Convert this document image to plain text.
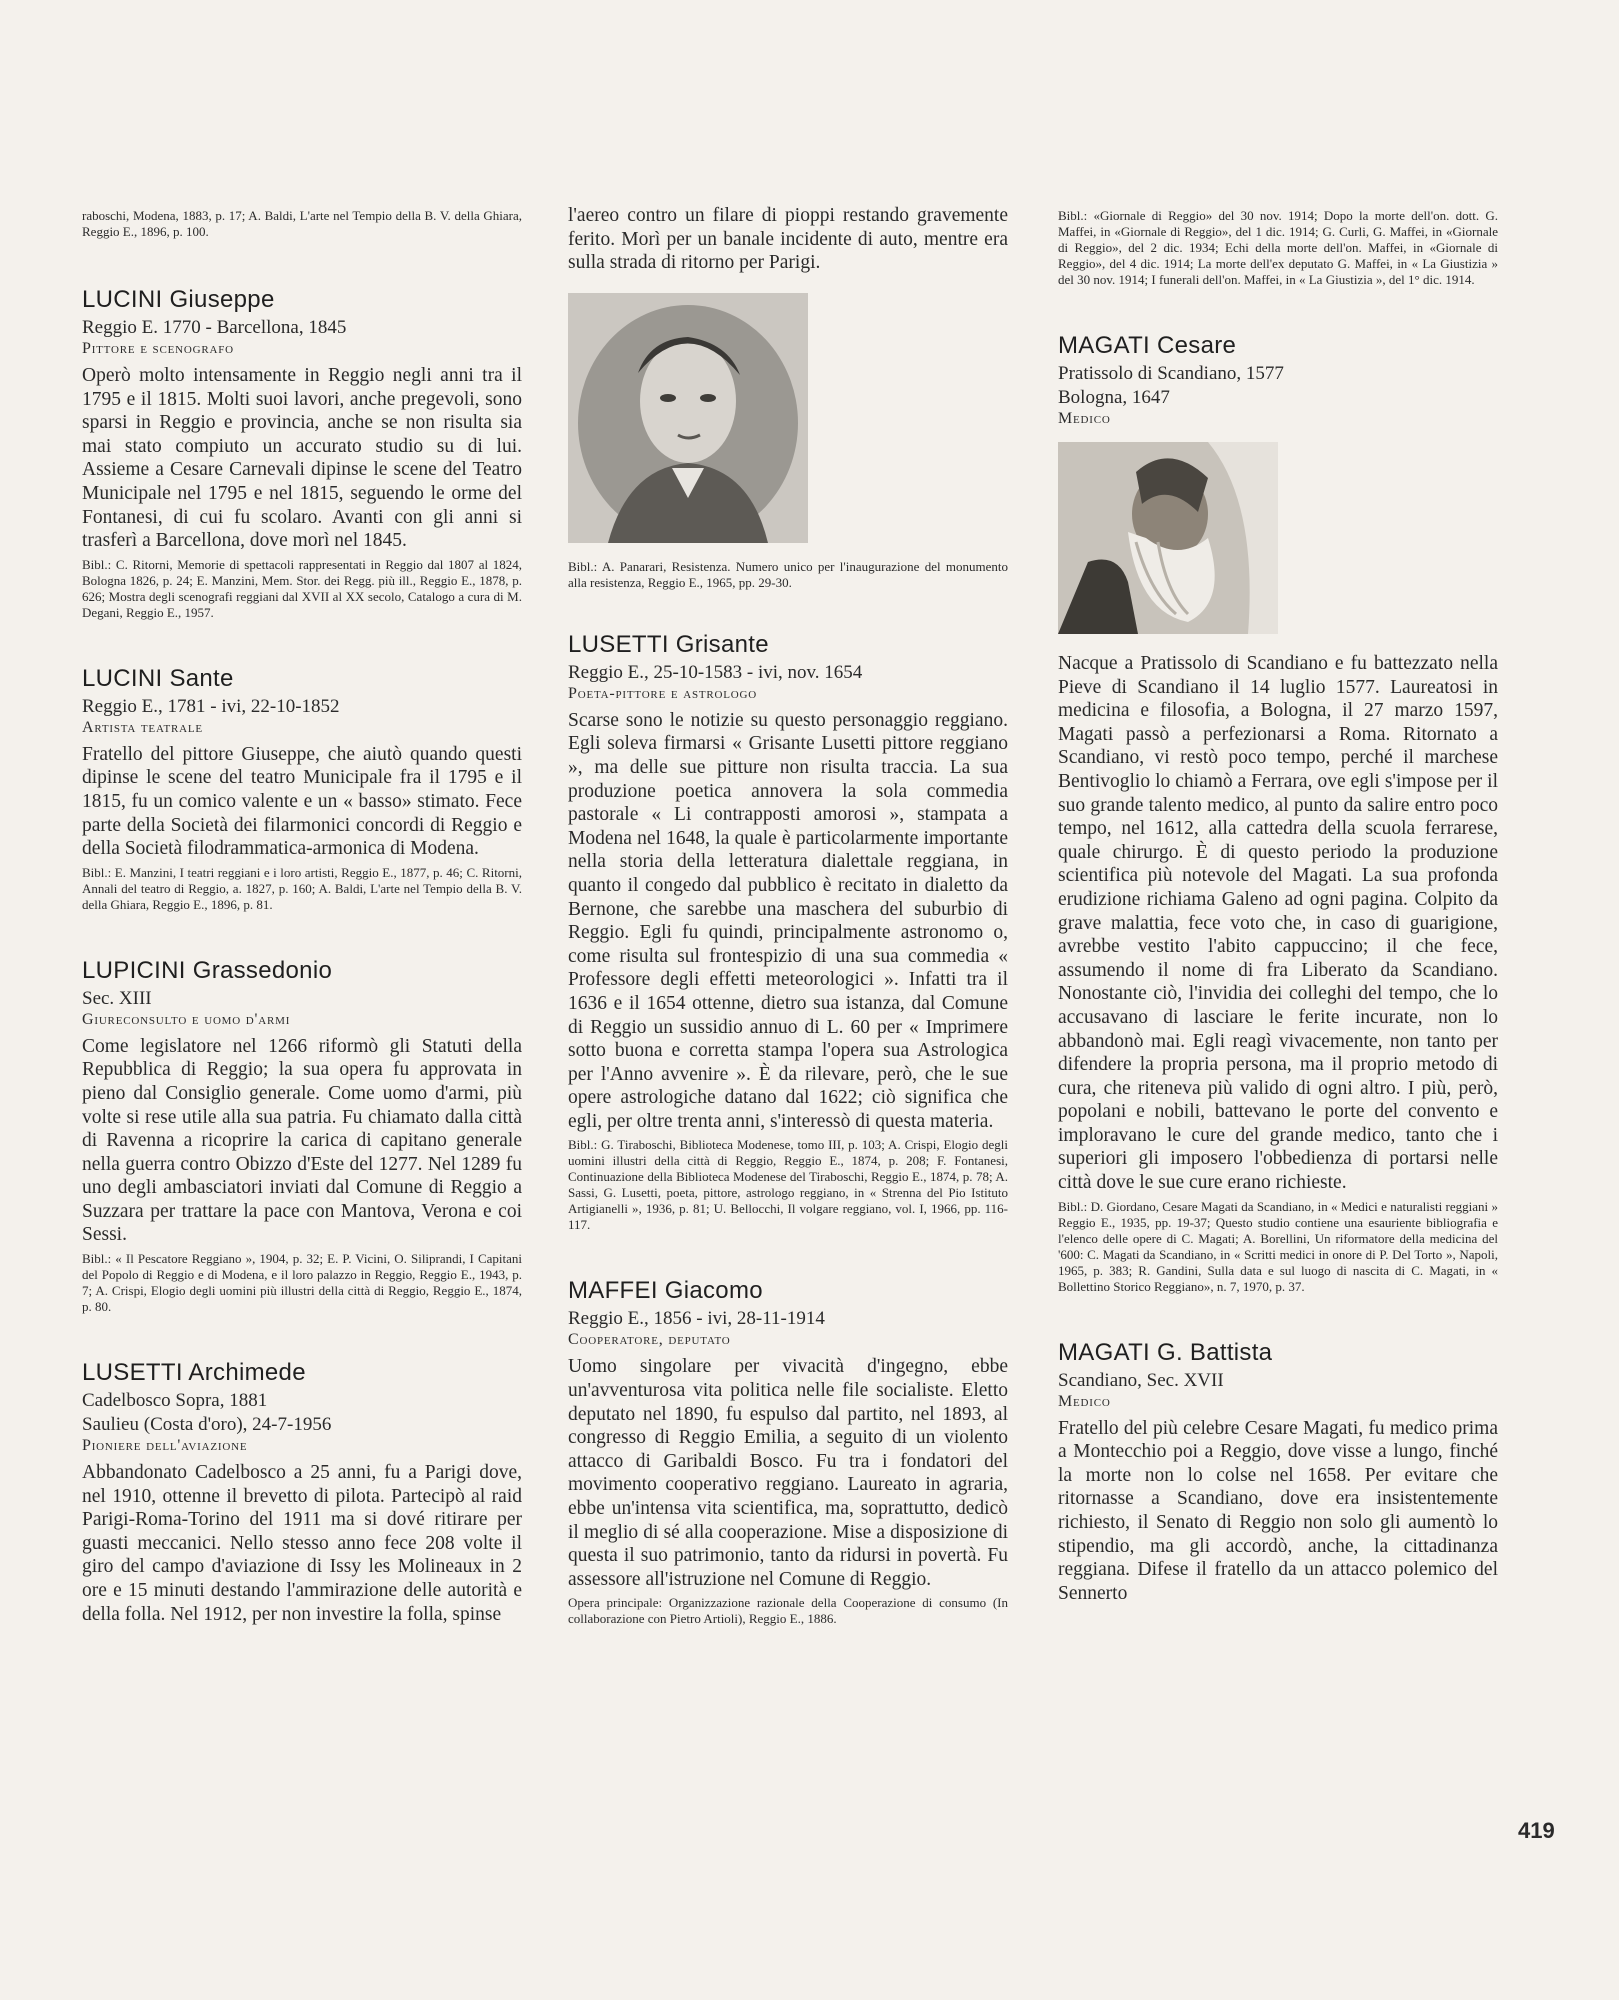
raboschi, Modena, 1883, p. 17; A. Baldi, L'arte nel Tempio della B. V. della Ghiara, Reggio E., 1896, p. 100.
LUCINI Giuseppe
Reggio E. 1770 - Barcellona, 1845
Pittore e scenografo
Operò molto intensamente in Reggio negli anni tra il 1795 e il 1815. Molti suoi lavori, anche pregevoli, sono sparsi in Reggio e provincia, anche se non risulta sia mai stato compiuto un accurato studio su di lui. Assieme a Cesare Carnevali dipinse le scene del Teatro Municipale nel 1795 e nel 1815, seguendo le orme del Fontanesi, di cui fu scolaro. Avanti con gli anni si trasferì a Barcellona, dove morì nel 1845.
Bibl.: C. Ritorni, Memorie di spettacoli rappresentati in Reggio dal 1807 al 1824, Bologna 1826, p. 24; E. Manzini, Mem. Stor. dei Regg. più ill., Reggio E., 1878, p. 626; Mostra degli scenografi reggiani dal XVII al XX secolo, Catalogo a cura di M. Degani, Reggio E., 1957.
LUCINI Sante
Reggio E., 1781 - ivi, 22-10-1852
Artista teatrale
Fratello del pittore Giuseppe, che aiutò quando questi dipinse le scene del teatro Municipale fra il 1795 e il 1815, fu un comico valente e un « basso» stimato. Fece parte della Società dei filarmonici concordi di Reggio e della Società filodrammatica-armonica di Modena.
Bibl.: E. Manzini, I teatri reggiani e i loro artisti, Reggio E., 1877, p. 46; C. Ritorni, Annali del teatro di Reggio, a. 1827, p. 160; A. Baldi, L'arte nel Tempio della B. V. della Ghiara, Reggio E., 1896, p. 81.
LUPICINI Grassedonio
Sec. XIII
Giureconsulto e uomo d'armi
Come legislatore nel 1266 riformò gli Statuti della Repubblica di Reggio; la sua opera fu approvata in pieno dal Consiglio generale. Come uomo d'armi, più volte si rese utile alla sua patria. Fu chiamato dalla città di Ravenna a ricoprire la carica di capitano generale nella guerra contro Obizzo d'Este del 1277. Nel 1289 fu uno degli ambasciatori inviati dal Comune di Reggio a Suzzara per trattare la pace con Mantova, Verona e coi Sessi.
Bibl.: « Il Pescatore Reggiano », 1904, p. 32; E. P. Vicini, O. Siliprandi, I Capitani del Popolo di Reggio e di Modena, e il loro palazzo in Reggio, Reggio E., 1943, p. 7; A. Crispi, Elogio degli uomini più illustri della città di Reggio, Reggio E., 1874, p. 80.
LUSETTI Archimede
Cadelbosco Sopra, 1881
Saulieu (Costa d'oro), 24-7-1956
Pioniere dell'aviazione
Abbandonato Cadelbosco a 25 anni, fu a Parigi dove, nel 1910, ottenne il brevetto di pilota. Partecipò al raid Parigi-Roma-Torino del 1911 ma si dové ritirare per guasti meccanici. Nello stesso anno fece 208 volte il giro del campo d'aviazione di Issy les Molineaux in 2 ore e 15 minuti destando l'ammirazione delle autorità e della folla. Nel 1912, per non investire la folla, spinse
l'aereo contro un filare di pioppi restando gravemente ferito. Morì per un banale incidente di auto, mentre era sulla strada di ritorno per Parigi.
Bibl.: A. Panarari, Resistenza. Numero unico per l'inaugurazione del monumento alla resistenza, Reggio E., 1965, pp. 29-30.
LUSETTI Grisante
Reggio E., 25-10-1583 - ivi, nov. 1654
Poeta-pittore e astrologo
Scarse sono le notizie su questo personaggio reggiano. Egli soleva firmarsi « Grisante Lusetti pittore reggiano », ma delle sue pitture non risulta traccia. La sua produzione poetica annovera la sola commedia pastorale « Li contrapposti amorosi », stampata a Modena nel 1648, la quale è particolarmente importante nella storia della letteratura dialettale reggiana, in quanto il congedo dal pubblico è recitato in dialetto da Bernone, che sarebbe una maschera del suburbio di Reggio. Egli fu quindi, principalmente astronomo o, come risulta sul frontespizio di una sua commedia « Professore degli effetti meteorologici ». Infatti tra il 1636 e il 1654 ottenne, dietro sua istanza, dal Comune di Reggio un sussidio annuo di L. 60 per « Imprimere sotto buona e corretta stampa l'opera sua Astrologica per l'Anno avvenire ». È da rilevare, però, che le sue opere astrologiche datano dal 1622; ciò significa che egli, per oltre trenta anni, s'interessò di questa materia.
Bibl.: G. Tiraboschi, Biblioteca Modenese, tomo III, p. 103; A. Crispi, Elogio degli uomini illustri della città di Reggio, Reggio E., 1874, p. 208; F. Fontanesi, Continuazione della Biblioteca Modenese del Tiraboschi, Reggio E., 1874, p. 78; A. Sassi, G. Lusetti, poeta, pittore, astrologo reggiano, in « Strenna del Pio Istituto Artigianelli », 1936, p. 81; U. Bellocchi, Il volgare reggiano, vol. I, 1966, pp. 116-117.
MAFFEI Giacomo
Reggio E., 1856 - ivi, 28-11-1914
Cooperatore, deputato
Uomo singolare per vivacità d'ingegno, ebbe un'avventurosa vita politica nelle file socialiste. Eletto deputato nel 1890, fu espulso dal partito, nel 1893, al congresso di Reggio Emilia, a seguito di un violento attacco di Garibaldi Bosco. Fu tra i fondatori del movimento cooperativo reggiano. Laureato in agraria, ebbe un'intensa vita scientifica, ma, soprattutto, dedicò il meglio di sé alla cooperazione. Mise a disposizione di questa il suo patrimonio, tanto da ridursi in povertà. Fu assessore all'istruzione nel Comune di Reggio.
Opera principale: Organizzazione razionale della Cooperazione di consumo (In collaborazione con Pietro Artioli), Reggio E., 1886.
Bibl.: «Giornale di Reggio» del 30 nov. 1914; Dopo la morte dell'on. dott. G. Maffei, in «Giornale di Reggio», del 1 dic. 1914; G. Curli, G. Maffei, in «Giornale di Reggio», del 2 dic. 1934; Echi della morte dell'on. Maffei, in «Giornale di Reggio», del 4 dic. 1914; La morte dell'ex deputato G. Maffei, in « La Giustizia » del 30 nov. 1914; I funerali dell'on. Maffei, in « La Giustizia », del 1° dic. 1914.
MAGATI Cesare
Pratissolo di Scandiano, 1577
Bologna, 1647
Medico
Nacque a Pratissolo di Scandiano e fu battezzato nella Pieve di Scandiano il 14 luglio 1577. Laureatosi in medicina e filosofia, a Bologna, il 27 marzo 1597, Magati passò a perfezionarsi a Roma. Ritornato a Scandiano, vi restò poco tempo, perché il marchese Bentivoglio lo chiamò a Ferrara, ove egli s'impose per il suo grande talento medico, al punto da salire entro poco tempo, nel 1612, alla cattedra della scuola ferrarese, quale chirurgo. È di questo periodo la produzione scientifica più notevole del Magati. La sua profonda erudizione richiama Galeno ad ogni pagina. Colpito da grave malattia, fece voto che, in caso di guarigione, avrebbe vestito l'abito cappuccino; il che fece, assumendo il nome di fra Liberato da Scandiano. Nonostante ciò, l'invidia dei colleghi del tempo, che lo accusavano di lasciare le ferite incurate, non lo abbandonò mai. Egli reagì vivacemente, non tanto per difendere la propria persona, ma il proprio metodo di cura, che riteneva più valido di ogni altro. I più, però, popolani e nobili, battevano le porte del convento e imploravano le cure del grande medico, tanto che i superiori gli imposero l'obbedienza di portarsi nelle città dove le sue cure erano richieste.
Bibl.: D. Giordano, Cesare Magati da Scandiano, in « Medici e naturalisti reggiani » Reggio E., 1935, pp. 19-37; Questo studio contiene una esauriente bibliografia e l'elenco delle opere di C. Magati; A. Borellini, Un riformatore della medicina del '600: C. Magati da Scandiano, in « Scritti medici in onore di P. Del Torto », Napoli, 1965, p. 383; R. Gandini, Sulla data e sul luogo di nascita di C. Magati, in « Bollettino Storico Reggiano», n. 7, 1970, p. 37.
MAGATI G. Battista
Scandiano, Sec. XVII
Medico
Fratello del più celebre Cesare Magati, fu medico prima a Montecchio poi a Reggio, dove visse a lungo, finché la morte non lo colse nel 1658. Per evitare che ritornasse a Scandiano, dove era insistentemente richiesto, il Senato di Reggio non solo gli aumentò lo stipendio, ma gli accordò, anche, la cittadinanza reggiana. Difese il fratello da un attacco polemico del Sennerto
419
